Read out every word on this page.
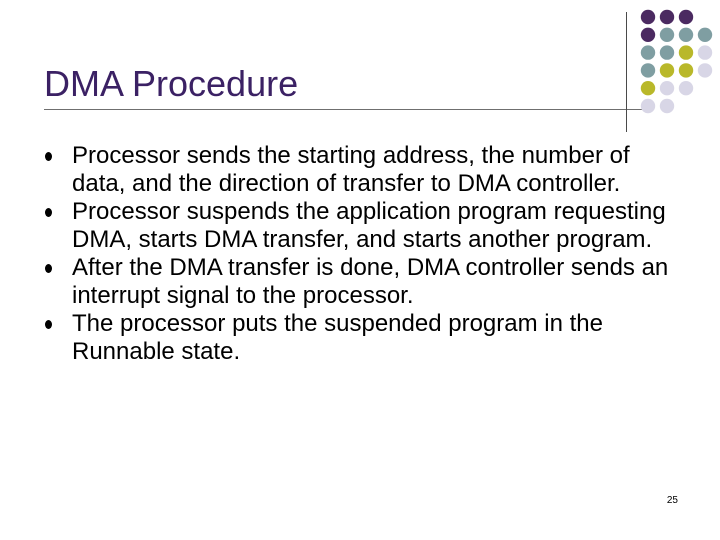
DMA Procedure
Processor sends the starting address, the number of data, and the direction of transfer to DMA controller.
Processor suspends the application program requesting DMA, starts DMA transfer, and starts another program.
After the DMA transfer is done, DMA controller sends an interrupt signal to the processor.
The processor puts the suspended program in the Runnable state.
25
